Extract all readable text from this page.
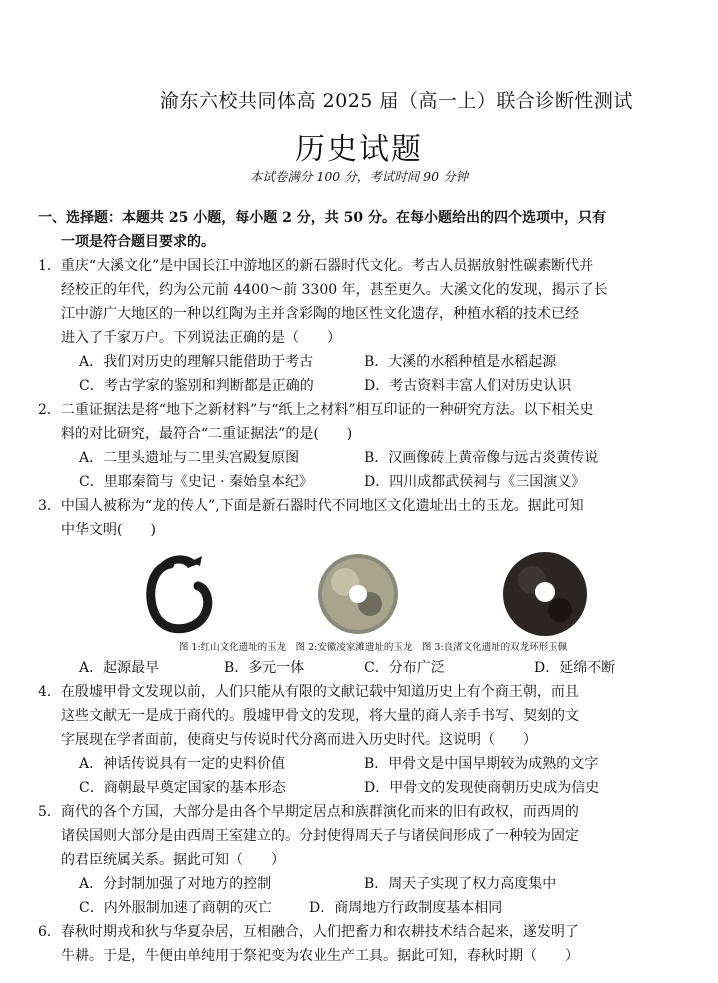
渝东六校共同体高 2025 届（高一上）联合诊断性测试
历史试题
本试卷满分 100 分，考试时间 90 分钟
一、选择题：本题共 25 小题，每小题 2 分，共 50 分。在每小题给出的四个选项中，只有
一项是符合题目要求的。
1．重庆“大溪文化”是中国长江中游地区的新石器时代文化。考古人员据放射性碳素断代并
经校正的年代，约为公元前 4400～前 3300 年，甚至更久。大溪文化的发现，揭示了长
江中游广大地区的一种以红陶为主并含彩陶的地区性文化遗存，种植水稻的技术已经
进入了千家万户。下列说法正确的是（　　）
A．我们对历史的理解只能借助于考古	B．大溪的水稻种植是水稻起源
C．考古学家的鉴别和判断都是正确的	D．考古资料丰富人们对历史认识
2．二重证据法是将“地下之新材料”与“纸上之材料”相互印证的一种研究方法。以下相关史
料的对比研究，最符合“二重证据法”的是(　　)
A．二里头遗址与二里头宫殿复原图	B．汉画像砖上黄帝像与远古炎黄传说
C．里耶秦简与《史记 · 秦始皇本纪》	D．四川成都武侯祠与《三国演义》
3．中国人被称为“龙的传人”,下面是新石器时代不同地区文化遗址出土的玉龙。据此可知
中华文明(　　)
图 1:红山文化遗址的玉龙　图 2:安徽凌家滩遗址的玉龙　图 3:良渚文化遗址的双龙环形玉佩
A．起源最早	B．多元一体	C．分布广泛	D．延绵不断
4．在殷墟甲骨文发现以前，人们只能从有限的文献记载中知道历史上有个商王朝，而且
这些文献无一是成于商代的。殷墟甲骨文的发现，将大量的商人亲手书写、契刻的文
字展现在学者面前，使商史与传说时代分离而进入历史时代。这说明（　　）
A．神话传说具有一定的史料价值	B．甲骨文是中国早期较为成熟的文字
C．商朝最早奠定国家的基本形态	D．甲骨文的发现使商朝历史成为信史
5．商代的各个方国，大部分是由各个早期定居点和族群演化而来的旧有政权，而西周的
诸侯国则大部分是由西周王室建立的。分封使得周天子与诸侯间形成了一种较为固定
的君臣统属关系。据此可知（　　）
A．分封制加强了对地方的控制	B．周天子实现了权力高度集中
C．内外服制加速了商朝的灭亡	D．商周地方行政制度基本相同
6．春秋时期戎和狄与华夏杂居，互相融合，人们把畜力和农耕技术结合起来，遂发明了
牛耕。于是，牛便由单纯用于祭祀变为农业生产工具。据此可知，春秋时期（　　）
